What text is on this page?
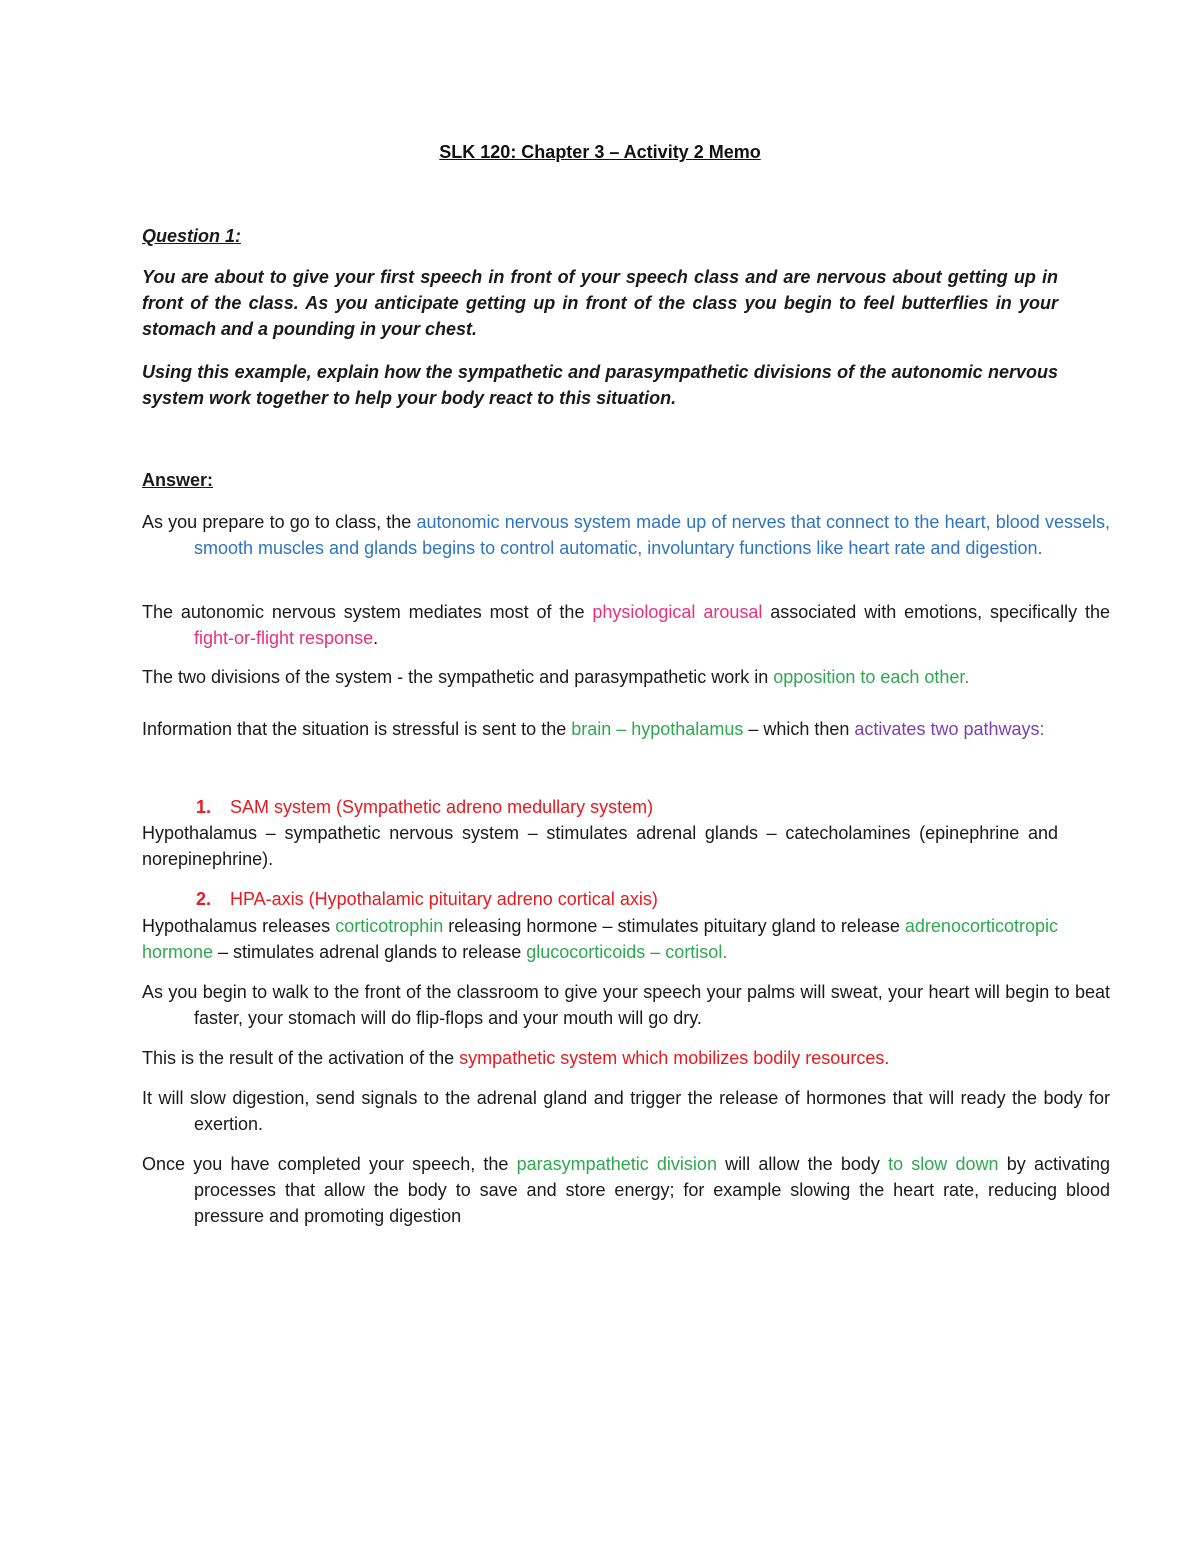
SLK 120: Chapter 3 – Activity 2 Memo
Question 1:
You are about to give your first speech in front of your speech class and are nervous about getting up in front of the class. As you anticipate getting up in front of the class you begin to feel butterflies in your stomach and a pounding in your chest.
Using this example, explain how the sympathetic and parasympathetic divisions of the autonomic nervous system work together to help your body react to this situation.
Answer:
As you prepare to go to class, the autonomic nervous system made up of nerves that connect to the heart, blood vessels, smooth muscles and glands begins to control automatic, involuntary functions like heart rate and digestion.
The autonomic nervous system mediates most of the physiological arousal associated with emotions, specifically the fight-or-flight response.
The two divisions of the system - the sympathetic and parasympathetic work in opposition to each other.
Information that the situation is stressful is sent to the brain – hypothalamus – which then activates two pathways:
1. SAM system (Sympathetic adreno medullary system)
Hypothalamus – sympathetic nervous system – stimulates adrenal glands – catecholamines (epinephrine and norepinephrine).
2. HPA-axis (Hypothalamic pituitary adreno cortical axis)
Hypothalamus releases corticotrophin releasing hormone – stimulates pituitary gland to release adrenocorticotropic hormone – stimulates adrenal glands to release glucocorticoids – cortisol.
As you begin to walk to the front of the classroom to give your speech your palms will sweat, your heart will begin to beat faster, your stomach will do flip-flops and your mouth will go dry.
This is the result of the activation of the sympathetic system which mobilizes bodily resources.
It will slow digestion, send signals to the adrenal gland and trigger the release of hormones that will ready the body for exertion.
Once you have completed your speech, the parasympathetic division will allow the body to slow down by activating processes that allow the body to save and store energy; for example slowing the heart rate, reducing blood pressure and promoting digestion
